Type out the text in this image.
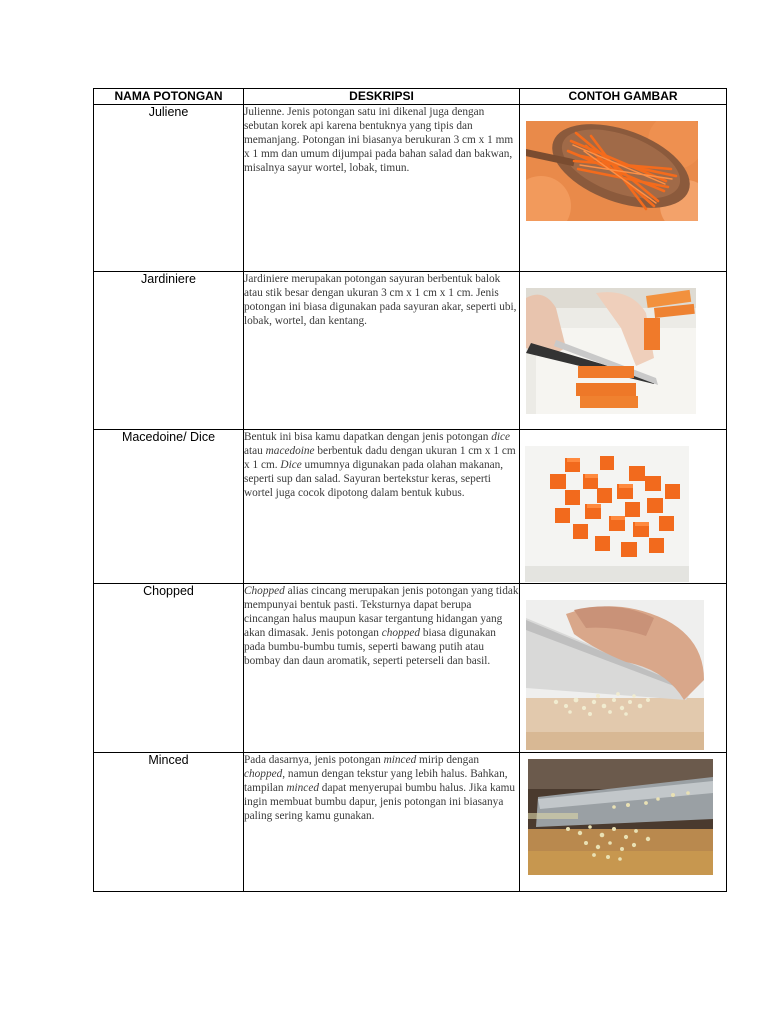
NAMA POTONGAN	DESKRIPSI	CONTOH GAMBAR
Juliene	Julienne. Jenis potongan satu ini dikenal juga dengan sebutan korek api karena bentuknya yang tipis dan memanjang. Potongan ini biasanya berukuran 3 cm x 1 mm x 1 mm dan umum dijumpai pada bahan salad dan bakwan, misalnya sayur wortel, lobak, timun.	

Jardiniere	Jardiniere merupakan potongan sayuran berbentuk balok atau stik besar dengan ukuran 3 cm x 1 cm x 1 cm. Jenis potongan ini biasa digunakan pada sayuran akar, seperti ubi, lobak, wortel, dan kentang.	

Macedoine/ Dice	Bentuk ini bisa kamu dapatkan dengan jenis potongan dice atau macedoine berbentuk dadu dengan ukuran 1 cm x 1 cm x 1 cm. Dice umumnya digunakan pada olahan makanan, seperti sup dan salad. Sayuran bertekstur keras, seperti wortel juga cocok dipotong dalam bentuk kubus.	

Chopped	Chopped alias cincang merupakan jenis potongan yang tidak mempunyai bentuk pasti. Teksturnya dapat berupa cincangan halus maupun kasar tergantung hidangan yang akan dimasak. Jenis potongan chopped biasa digunakan pada bumbu-bumbu tumis, seperti bawang putih atau bombay dan daun aromatik, seperti peterseli dan basil.	

Minced	Pada dasarnya, jenis potongan minced mirip dengan chopped, namun dengan tekstur yang lebih halus. Bahkan, tampilan minced dapat menyerupai bumbu halus. Jika kamu ingin membuat bumbu dapur, jenis potongan ini biasanya paling sering kamu gunakan.	
